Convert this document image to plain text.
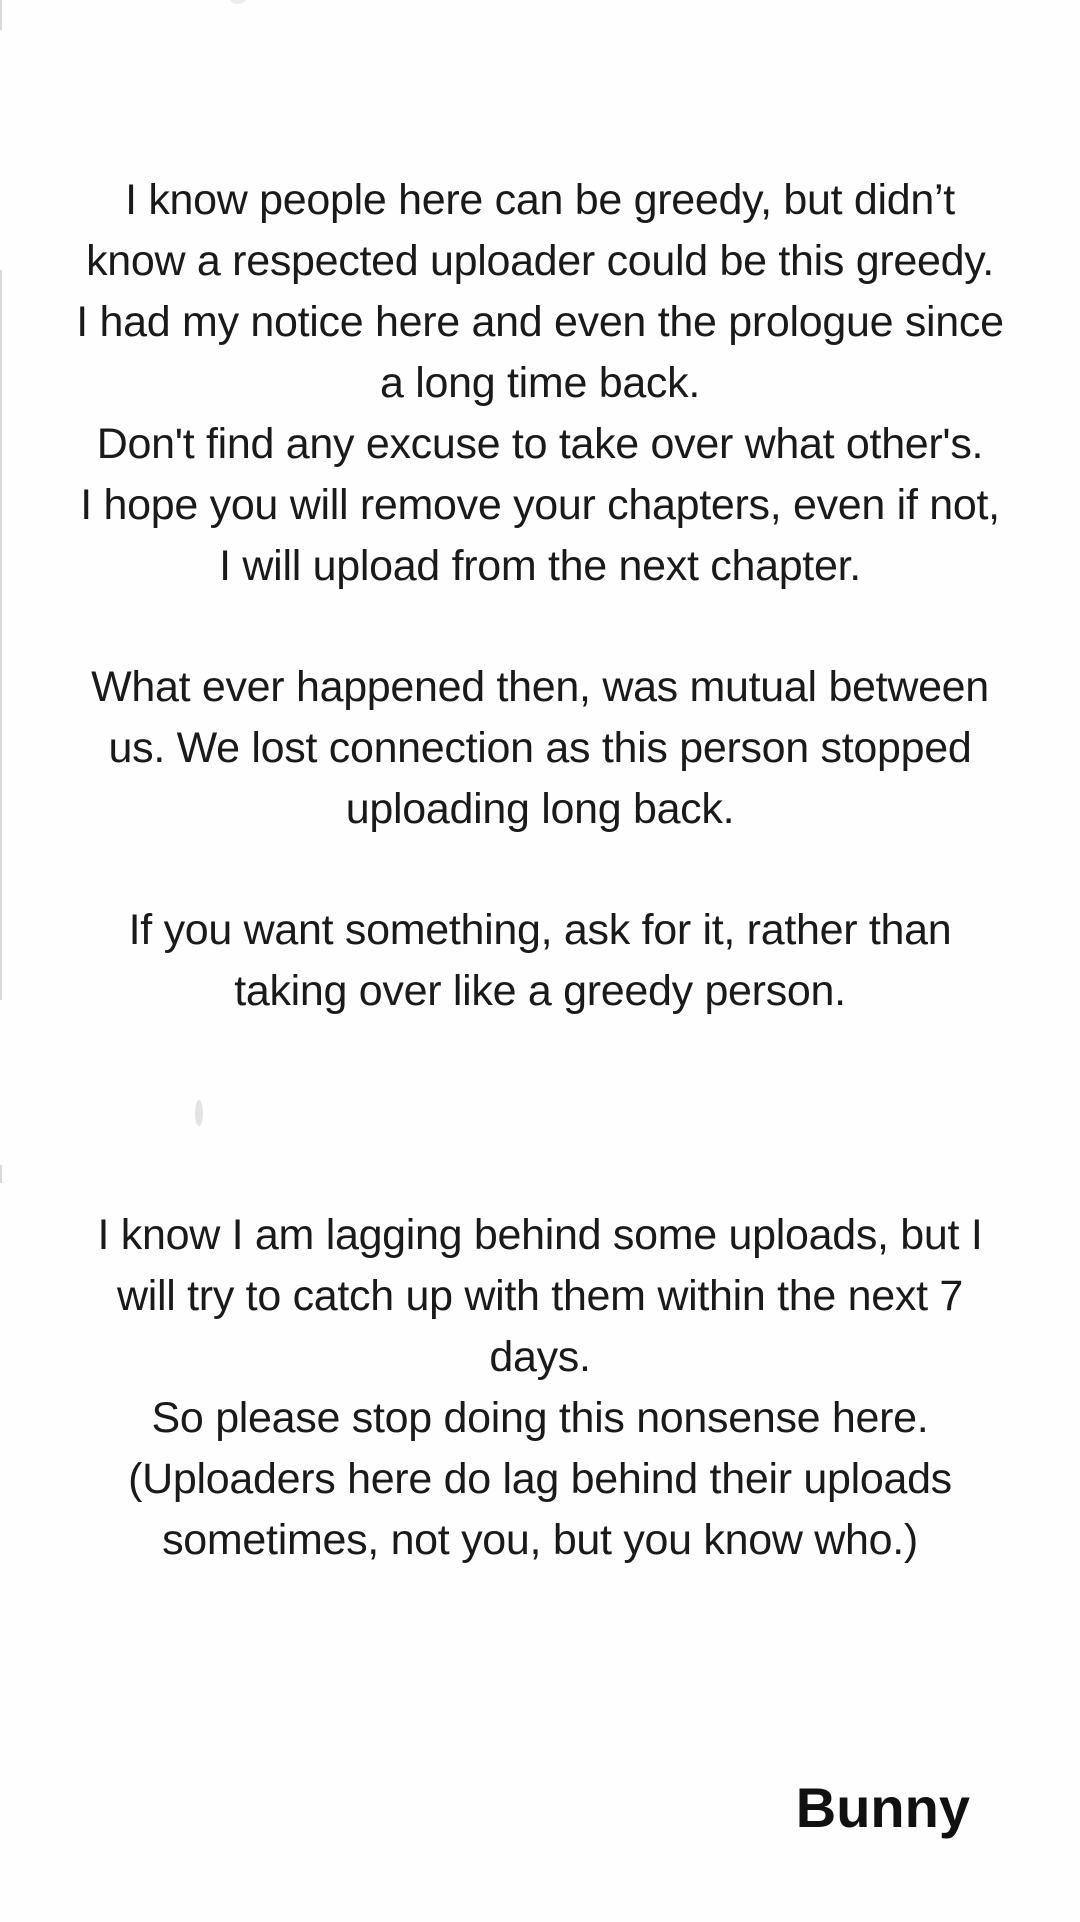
I know people here can be greedy, but didn’t
know a respected uploader could be this greedy.
I had my notice here and even the prologue since
a long time back.
Don't find any excuse to take over what other's.
I hope you will remove your chapters, even if not,
I will upload from the next chapter.
What ever happened then, was mutual between
us. We lost connection as this person stopped
uploading long back.
If you want something, ask for it, rather than
taking over like a greedy person.
I know I am lagging behind some uploads, but I
will try to catch up with them within the next 7
days.
So please stop doing this nonsense here.
(Uploaders here do lag behind their uploads
sometimes, not you, but you know who.)
Bunny
